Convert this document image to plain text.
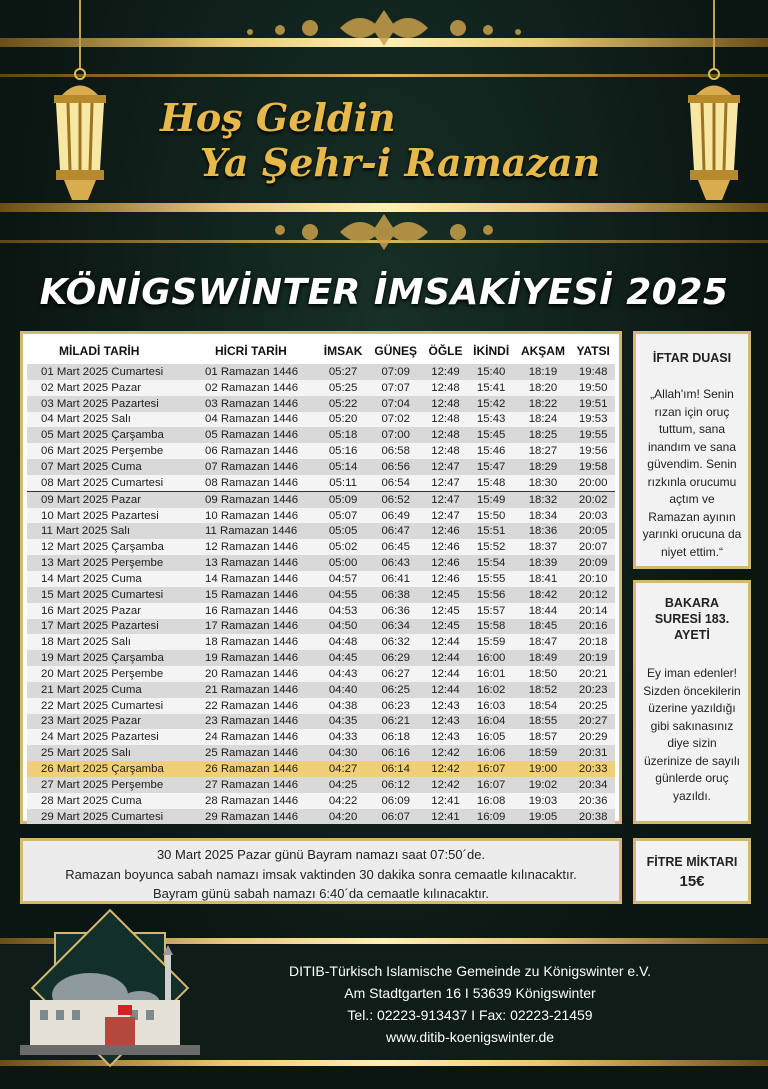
Hoş Geldin
Ya Şehr-i Ramazan
KÖNİGSWİNTER İMSAKİYESİ 2025
MİLADİ TARİH	HİCRİ TARİH	İMSAK	GÜNEŞ	ÖĞLE	İKİNDİ	AKŞAM	YATSI
01 Mart 2025 Cumartesi	01 Ramazan 1446	05:27	07:09	12:49	15:40	18:19	19:48
02 Mart 2025 Pazar	02 Ramazan 1446	05:25	07:07	12:48	15:41	18:20	19:50
03 Mart 2025 Pazartesi	03 Ramazan 1446	05:22	07:04	12:48	15:42	18:22	19:51
04 Mart 2025 Salı	04 Ramazan 1446	05:20	07:02	12:48	15:43	18:24	19:53
05 Mart 2025 Çarşamba	05 Ramazan 1446	05:18	07:00	12:48	15:45	18:25	19:55
06 Mart 2025 Perşembe	06 Ramazan 1446	05:16	06:58	12:48	15:46	18:27	19:56
07 Mart 2025 Cuma	07 Ramazan 1446	05:14	06:56	12:47	15:47	18:29	19:58
08 Mart 2025 Cumartesi	08 Ramazan 1446	05:11	06:54	12:47	15:48	18:30	20:00
09 Mart 2025 Pazar	09 Ramazan 1446	05:09	06:52	12:47	15:49	18:32	20:02
10 Mart 2025 Pazartesi	10 Ramazan 1446	05:07	06:49	12:47	15:50	18:34	20:03
11 Mart 2025 Salı	11 Ramazan 1446	05:05	06:47	12:46	15:51	18:36	20:05
12 Mart 2025 Çarşamba	12 Ramazan 1446	05:02	06:45	12:46	15:52	18:37	20:07
13 Mart 2025 Perşembe	13 Ramazan 1446	05:00	06:43	12:46	15:54	18:39	20:09
14 Mart 2025 Cuma	14 Ramazan 1446	04:57	06:41	12:46	15:55	18:41	20:10
15 Mart 2025 Cumartesi	15 Ramazan 1446	04:55	06:38	12:45	15:56	18:42	20:12
16 Mart 2025 Pazar	16 Ramazan 1446	04:53	06:36	12:45	15:57	18:44	20:14
17 Mart 2025 Pazartesi	17 Ramazan 1446	04:50	06:34	12:45	15:58	18:45	20:16
18 Mart 2025 Salı	18 Ramazan 1446	04:48	06:32	12:44	15:59	18:47	20:18
19 Mart 2025 Çarşamba	19 Ramazan 1446	04:45	06:29	12:44	16:00	18:49	20:19
20 Mart 2025 Perşembe	20 Ramazan 1446	04:43	06:27	12:44	16:01	18:50	20:21
21 Mart 2025 Cuma	21 Ramazan 1446	04:40	06:25	12:44	16:02	18:52	20:23
22 Mart 2025 Cumartesi	22 Ramazan 1446	04:38	06:23	12:43	16:03	18:54	20:25
23 Mart 2025 Pazar	23 Ramazan 1446	04:35	06:21	12:43	16:04	18:55	20:27
24 Mart 2025 Pazartesi	24 Ramazan 1446	04:33	06:18	12:43	16:05	18:57	20:29
25 Mart 2025 Salı	25 Ramazan 1446	04:30	06:16	12:42	16:06	18:59	20:31
26 Mart 2025 Çarşamba	26 Ramazan 1446	04:27	06:14	12:42	16:07	19:00	20:33
27 Mart 2025 Perşembe	27 Ramazan 1446	04:25	06:12	12:42	16:07	19:02	20:34
28 Mart 2025 Cuma	28 Ramazan 1446	04:22	06:09	12:41	16:08	19:03	20:36
29 Mart 2025 Cumartesi	29 Ramazan 1446	04:20	06:07	12:41	16:09	19:05	20:38
İFTAR DUASI
„Allah'ım! Senin rızan için oruç tuttum, sana inandım ve sana güvendim. Senin rızkınla orucumu açtım ve Ramazan ayının yarınki orucuna da niyet ettim.“
BAKARA SURESİ 183. AYETİ
Ey iman edenler! Sizden öncekilerin üzerine yazıldığı gibi sakınasınız diye sizin üzerinize de sayılı günlerde oruç yazıldı.
30 Mart 2025 Pazar günü Bayram namazı saat 07:50´de.
Ramazan boyunca sabah namazı imsak vaktinden 30 dakika sonra cemaatle kılınacaktır.
Bayram günü sabah namazı 6:40´da cemaatle kılınacaktır.
FİTRE MİKTARI
15€
DITIB-Türkisch Islamische Gemeinde zu Königswinter e.V.
Am Stadtgarten 16 I 53639 Königswinter
Tel.: 02223-913437 I Fax: 02223-21459
www.ditib-koenigswinter.de
